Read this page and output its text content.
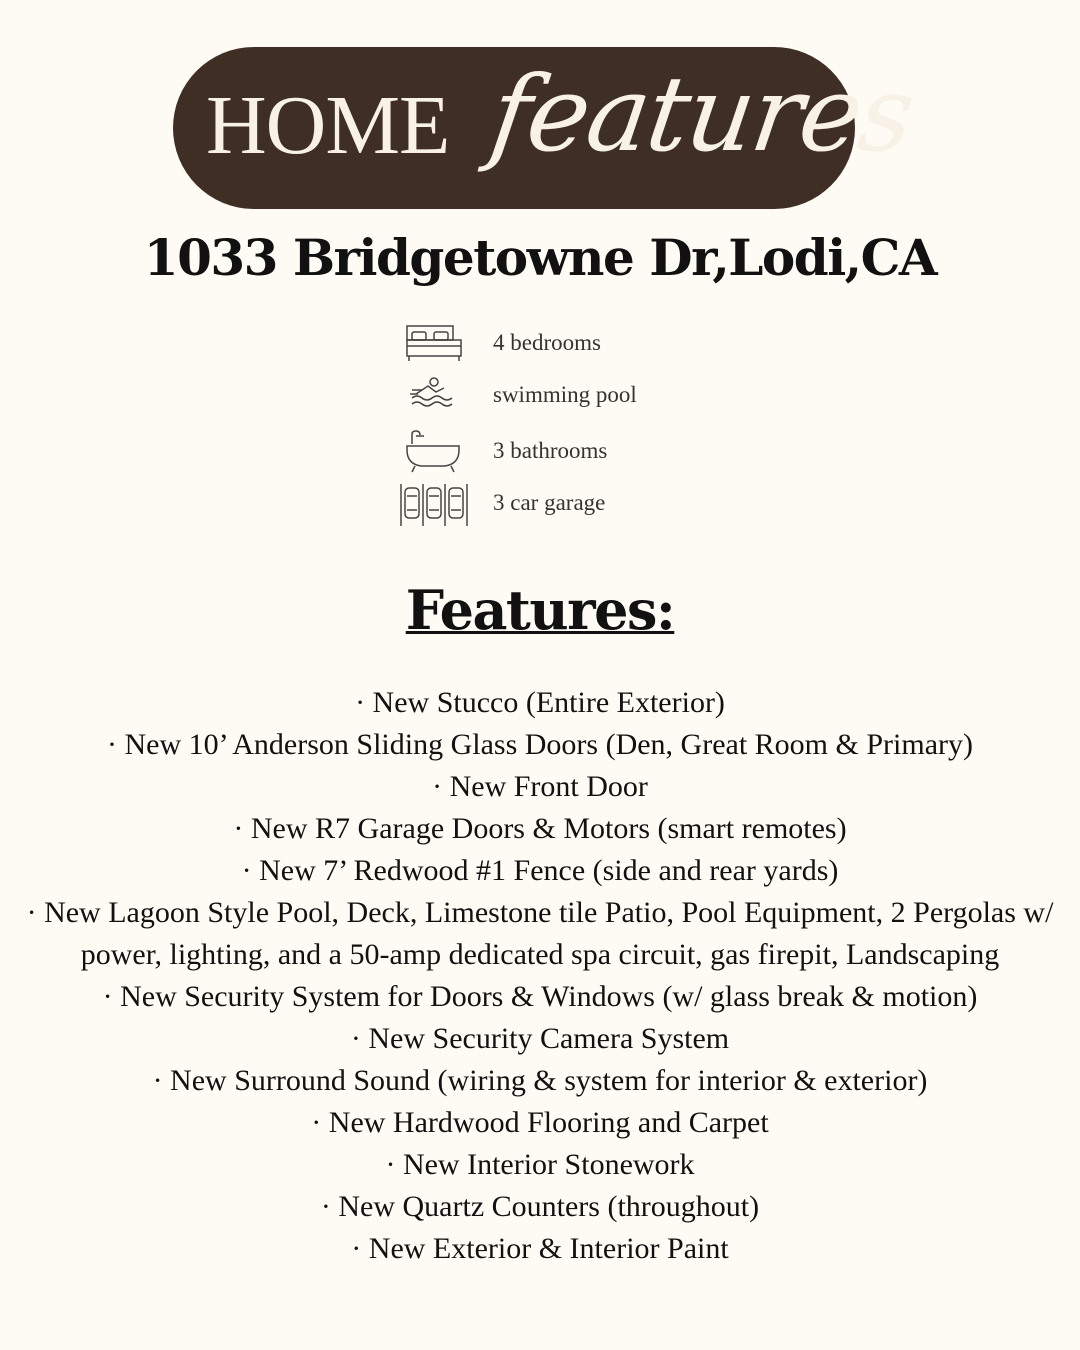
HOME features
1033 Bridgetowne Dr,Lodi,CA
4 bedrooms
swimming pool
3 bathrooms
3 car garage
Features:
· New Stucco (Entire Exterior)
· New 10’ Anderson Sliding Glass Doors (Den, Great Room & Primary)
· New Front Door
· New R7 Garage Doors & Motors (smart remotes)
· New 7’ Redwood #1 Fence (side and rear yards)
· New Lagoon Style Pool, Deck, Limestone tile Patio, Pool Equipment, 2 Pergolas w/ power, lighting, and a 50-amp dedicated spa circuit, gas firepit, Landscaping
· New Security System for Doors & Windows (w/ glass break & motion)
· New Security Camera System
· New Surround Sound (wiring & system for interior & exterior)
· New Hardwood Flooring and Carpet
· New Interior Stonework
· New Quartz Counters (throughout)
· New Exterior & Interior Paint
